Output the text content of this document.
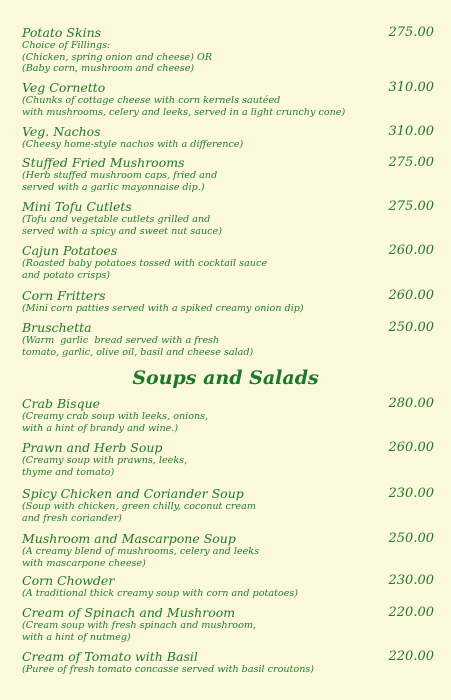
Potato Skins
Choice of Fillings:
(Chicken, spring onion and cheese) OR
(Baby corn, mushroom and cheese)
275.00
Veg Cornetto
(Chunks of cottage cheese with corn kernels sautéed
with mushrooms, celery and leeks, served in a light crunchy cone)
310.00
Veg. Nachos
(Cheesy home-style nachos with a difference)
310.00
Stuffed Fried Mushrooms
(Herb stuffed mushroom caps, fried and
served with a garlic mayonnaise dip.)
275.00
Mini Tofu Cutlets
(Tofu and vegetable cutlets grilled and
served with a spicy and sweet nut sauce)
275.00
Cajun Potatoes
(Roasted baby potatoes tossed with cocktail sauce
and potato crisps)
260.00
Corn Fritters
(Mini corn patties served with a spiked creamy onion dip)
260.00
Bruschetta
(Warm  garlic  bread served with a fresh
tomato, garlic, olive oil, basil and cheese salad)
250.00
Soups and Salads
Crab Bisque
(Creamy crab soup with leeks, onions,
with a hint of brandy and wine.)
280.00
Prawn and Herb Soup
(Creamy soup with prawns, leeks,
thyme and tomato)
260.00
Spicy Chicken and Coriander Soup
(Soup with chicken, green chilly, coconut cream
and fresh coriander)
230.00
Mushroom and Mascarpone Soup
(A creamy blend of mushrooms, celery and leeks
with mascarpone cheese)
250.00
Corn Chowder
(A traditional thick creamy soup with corn and potatoes)
230.00
Cream of Spinach and Mushroom
(Cream soup with fresh spinach and mushroom,
with a hint of nutmeg)
220.00
Cream of Tomato with Basil
(Puree of fresh tomato concasse served with basil croutons)
220.00
